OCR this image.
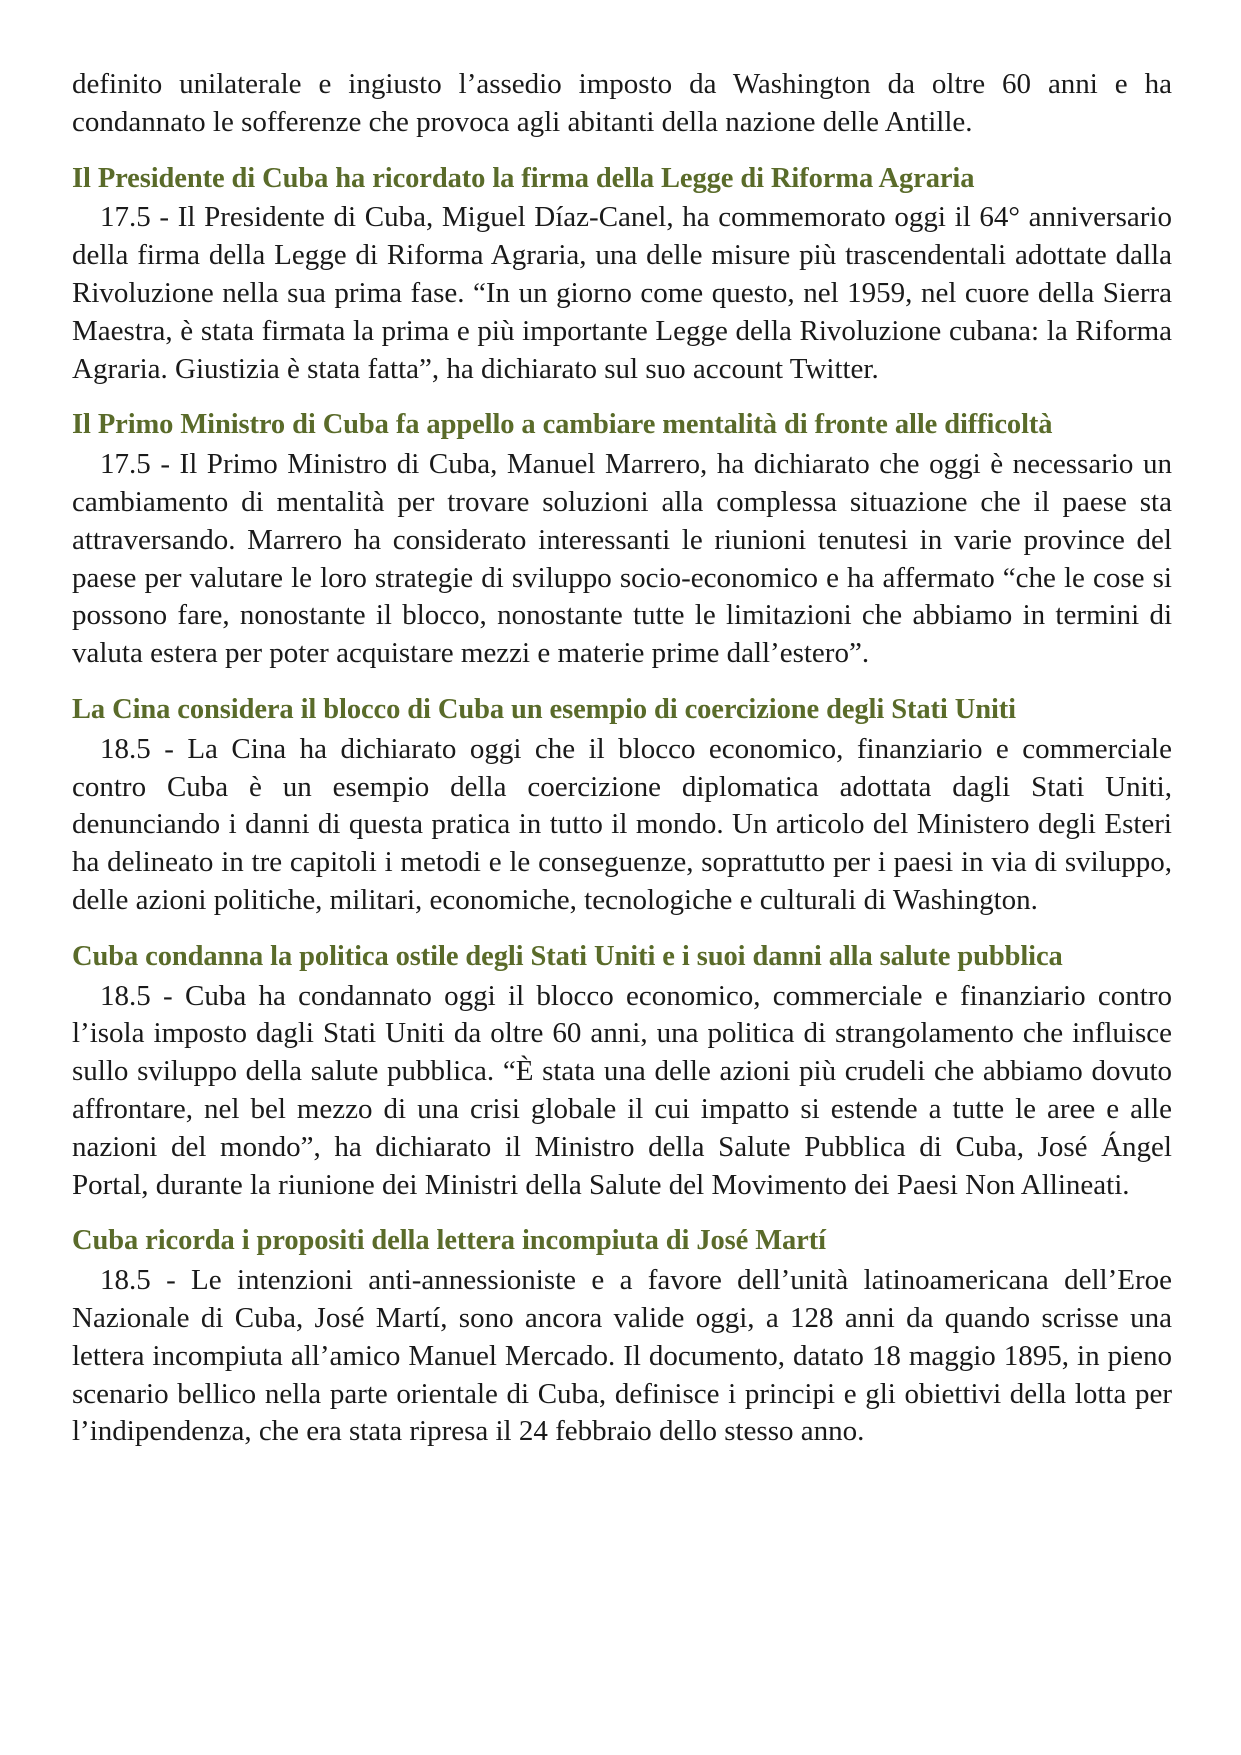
definito unilaterale e ingiusto l’assedio imposto da Washington da oltre 60 anni e ha condannato le sofferenze che provoca agli abitanti della nazione delle Antille.

Il Presidente di Cuba ha ricordato la firma della Legge di Riforma Agraria

17.5 - Il Presidente di Cuba, Miguel Díaz-Canel, ha commemorato oggi il 64° anniversario della firma della Legge di Riforma Agraria, una delle misure più trascendentali adottate dalla Rivoluzione nella sua prima fase. “In un giorno come questo, nel 1959, nel cuore della Sierra Maestra, è stata firmata la prima e più importante Legge della Rivoluzione cubana: la Riforma Agraria. Giustizia è stata fatta”, ha dichiarato sul suo account Twitter.

Il Primo Ministro di Cuba fa appello a cambiare mentalità di fronte alle difficoltà

17.5 - Il Primo Ministro di Cuba, Manuel Marrero, ha dichiarato che oggi è necessario un cambiamento di mentalità per trovare soluzioni alla complessa situazione che il paese sta attraversando. Marrero ha considerato interessanti le riunioni tenutesi in varie province del paese per valutare le loro strategie di sviluppo socio-economico e ha affermato “che le cose si possono fare, nonostante il blocco, nonostante tutte le limitazioni che abbiamo in termini di valuta estera per poter acquistare mezzi e materie prime dall’estero”.

La Cina considera il blocco di Cuba un esempio di coercizione degli Stati Uniti

18.5 - La Cina ha dichiarato oggi che il blocco economico, finanziario e commerciale contro Cuba è un esempio della coercizione diplomatica adottata dagli Stati Uniti, denunciando i danni di questa pratica in tutto il mondo. Un articolo del Ministero degli Esteri ha delineato in tre capitoli i metodi e le conseguenze, soprattutto per i paesi in via di sviluppo, delle azioni politiche, militari, economiche, tecnologiche e culturali di Washington.

Cuba condanna la politica ostile degli Stati Uniti e i suoi danni alla salute pubblica

18.5 - Cuba ha condannato oggi il blocco economico, commerciale e finanziario contro l’isola imposto dagli Stati Uniti da oltre 60 anni, una politica di strangolamento che influisce sullo sviluppo della salute pubblica. “È stata una delle azioni più crudeli che abbiamo dovuto affrontare, nel bel mezzo di una crisi globale il cui impatto si estende a tutte le aree e alle nazioni del mondo”, ha dichiarato il Ministro della Salute Pubblica di Cuba, José Ángel Portal, durante la riunione dei Ministri della Salute del Movimento dei Paesi Non Allineati.

Cuba ricorda i propositi della lettera incompiuta di José Martí

18.5 - Le intenzioni anti-annessioniste e a favore dell’unità latinoamericana dell’Eroe Nazionale di Cuba, José Martí, sono ancora valide oggi, a 128 anni da quando scrisse una lettera incompiuta all’amico Manuel Mercado. Il documento, datato 18 maggio 1895, in pieno scenario bellico nella parte orientale di Cuba, definisce i principi e gli obiettivi della lotta per l’indipendenza, che era stata ripresa il 24 febbraio dello stesso anno.
